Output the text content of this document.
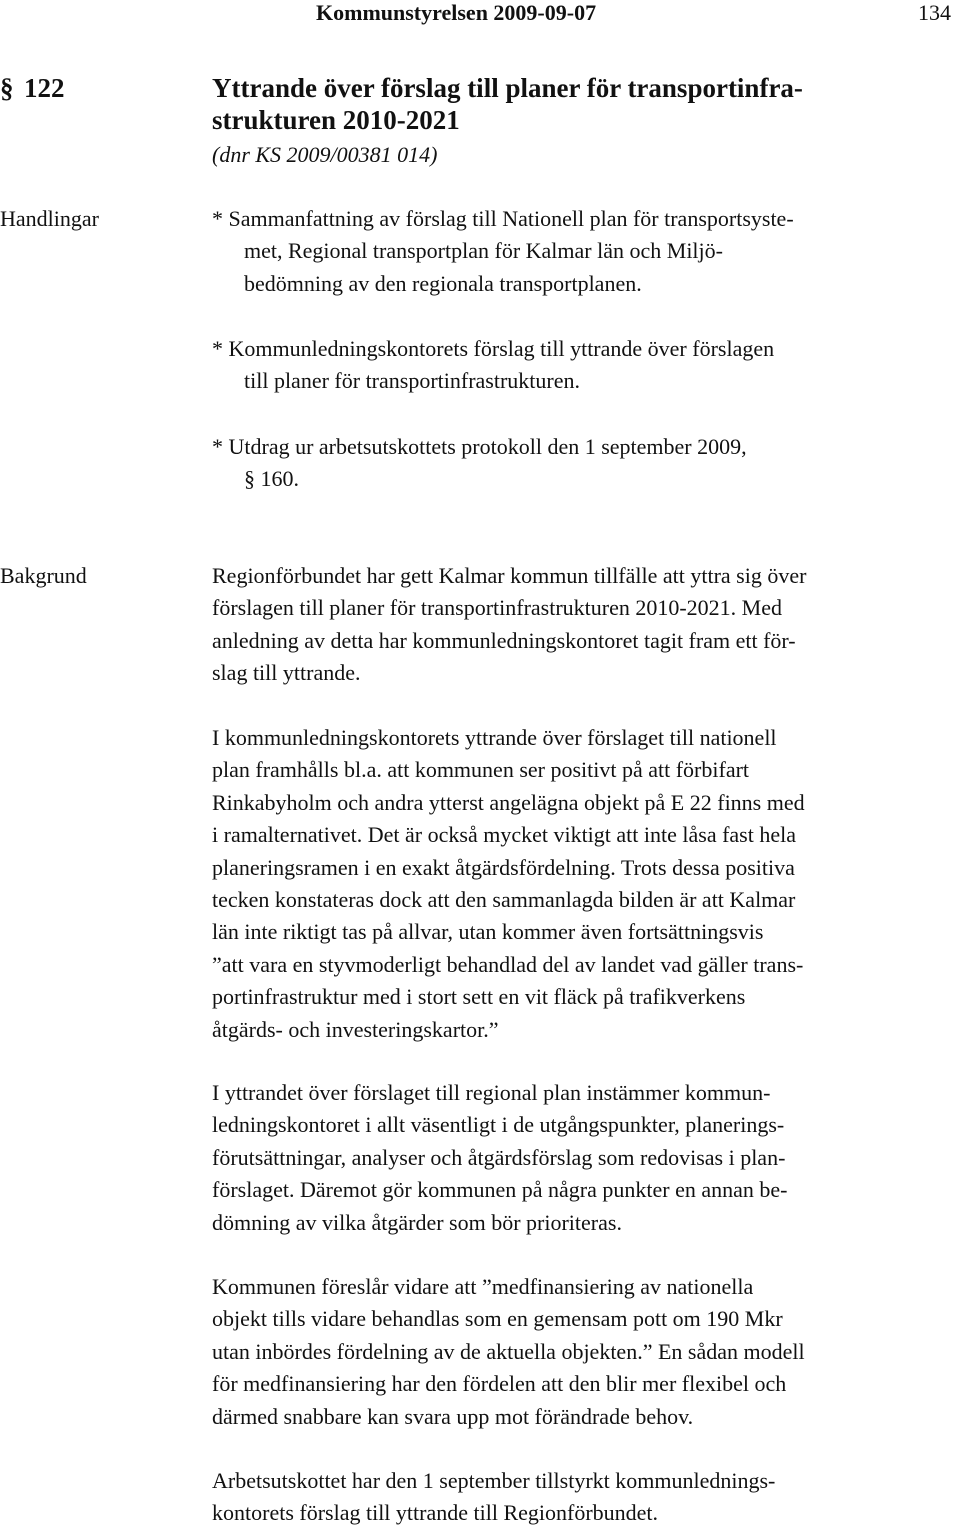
Kommunstyrelsen 2009-09-07	134
§ 122	Yttrande över förslag till planer för transportinfra-
strukturen 2010-2021
(dnr KS 2009/00381 014)
Handlingar	* Sammanfattning av förslag till Nationell plan för transportsyste-
met, Regional transportplan för Kalmar län och Miljö-
bedömning av den regionala transportplanen.
* Kommunledningskontorets förslag till yttrande över förslagen
till planer för transportinfrastrukturen.
* Utdrag ur arbetsutskottets protokoll den 1 september 2009,
§ 160.
Bakgrund	Regionförbundet har gett Kalmar kommun tillfälle att yttra sig över
förslagen till planer för transportinfrastrukturen 2010-2021. Med
anledning av detta har kommunledningskontoret tagit fram ett för-
slag till yttrande.
I kommunledningskontorets yttrande över förslaget till nationell
plan framhålls bl.a. att kommunen ser positivt på att förbifart
Rinkabyholm och andra ytterst angelägna objekt på E 22 finns med
i ramalternativet. Det är också mycket viktigt att inte låsa fast hela
planeringsramen i en exakt åtgärdsfördelning. Trots dessa positiva
tecken konstateras dock att den sammanlagda bilden är att Kalmar
län inte riktigt tas på allvar, utan kommer även fortsättningsvis
”att vara en styvmoderligt behandlad del av landet vad gäller trans-
portinfrastruktur med i stort sett en vit fläck på trafikverkens
åtgärds- och investeringskartor.”
I yttrandet över förslaget till regional plan instämmer kommun-
ledningskontoret i allt väsentligt i de utgångspunkter, planerings-
förutsättningar, analyser och åtgärdsförslag som redovisas i plan-
förslaget. Däremot gör kommunen på några punkter en annan be-
dömning av vilka åtgärder som bör prioriteras.
Kommunen föreslår vidare att ”medfinansiering av nationella
objekt tills vidare behandlas som en gemensam pott om 190 Mkr
utan inbördes fördelning av de aktuella objekten.” En sådan modell
för medfinansiering har den fördelen att den blir mer flexibel och
därmed snabbare kan svara upp mot förändrade behov.
Arbetsutskottet har den 1 september tillstyrkt kommunlednings-
kontorets förslag till yttrande till Regionförbundet.
